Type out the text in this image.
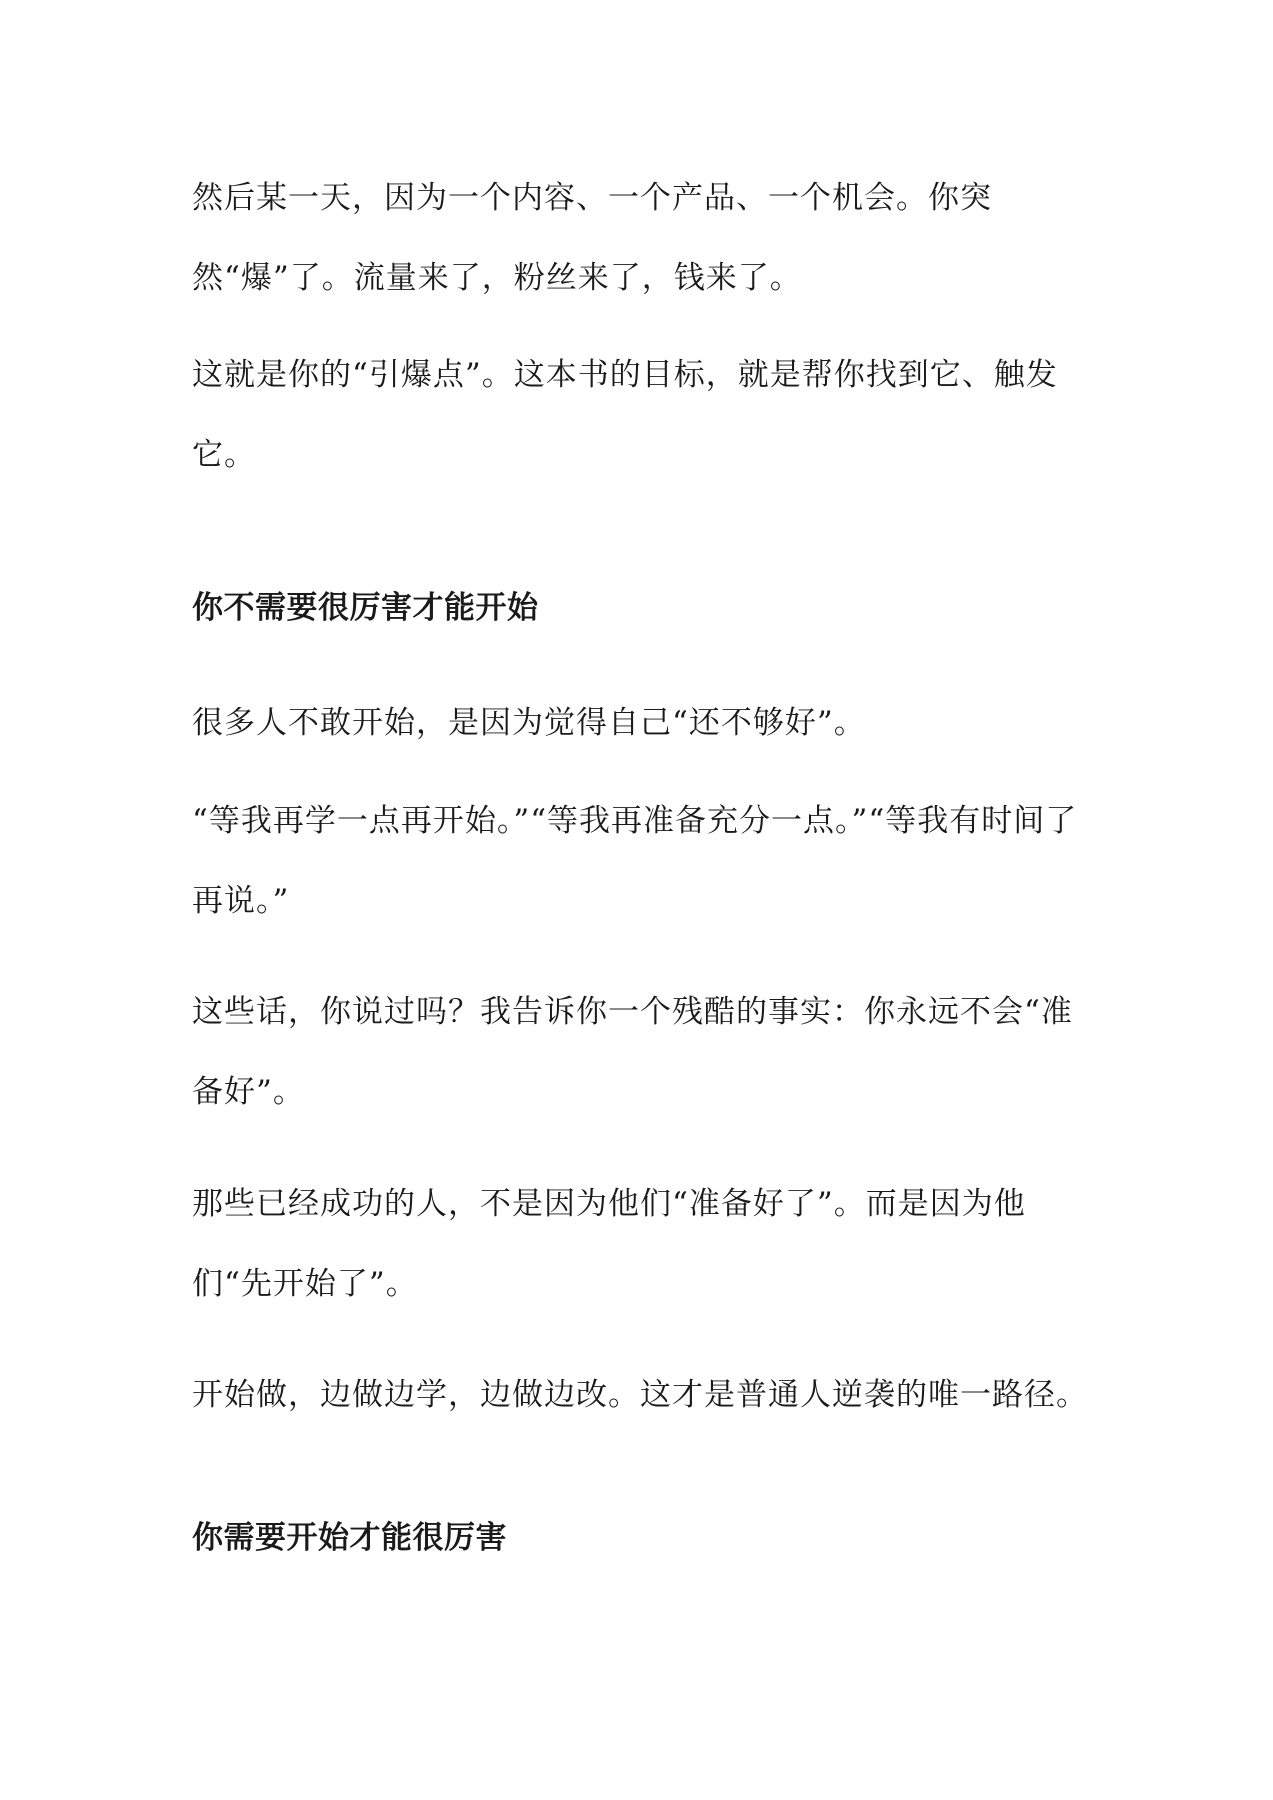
然后某一天，因为一个内容、一个产品、一个机会。你突然“爆”了。流量来了，粉丝来了，钱来了。

这就是你的“引爆点”。这本书的目标，就是帮你找到它、触发它。

你不需要很厉害才能开始

很多人不敢开始，是因为觉得自己“还不够好”。

“等我再学一点再开始。”“等我再准备充分一点。”“等我有时间了再说。”

这些话，你说过吗？我告诉你一个残酷的事实：你永远不会“准备好”。

那些已经成功的人，不是因为他们“准备好了”。而是因为他们“先开始了”。

开始做，边做边学，边做边改。这才是普通人逆袭的唯一路径。

你需要开始才能很厉害
